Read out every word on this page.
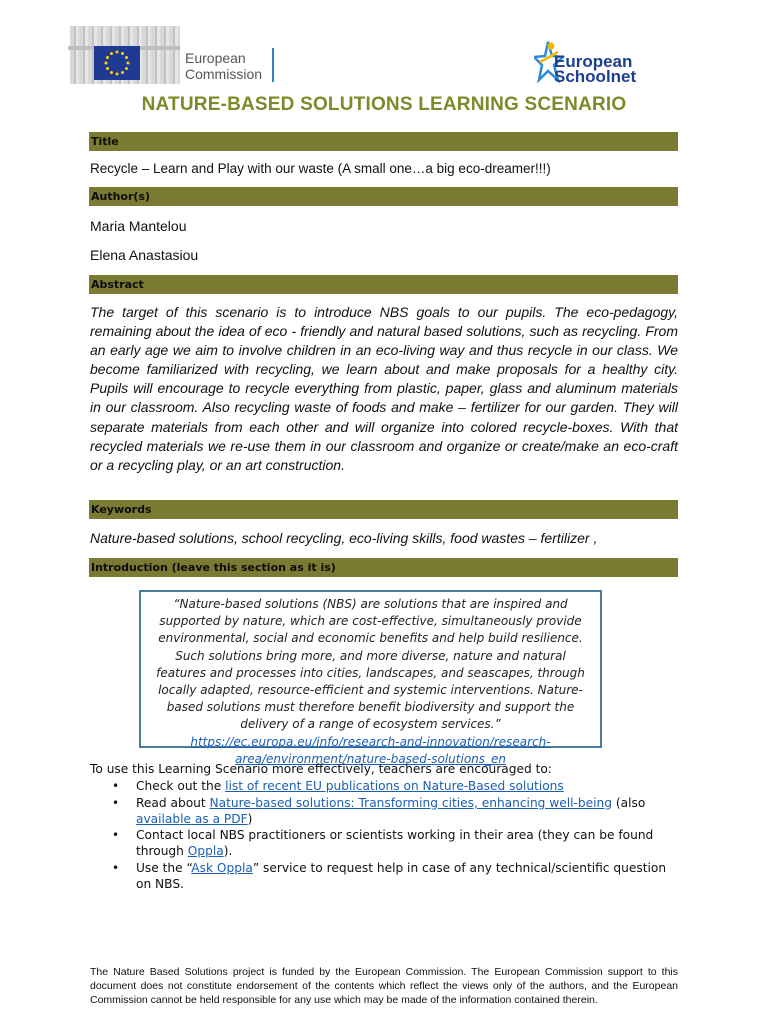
European
Commission
European
Schoolnet
NATURE-BASED SOLUTIONS LEARNING SCENARIO
Title
Recycle – Learn and Play with our waste (A small one…a big eco-dreamer!!!)
Author(s)
Maria Mantelou
Elena Anastasiou
Abstract
The target of this scenario is to introduce NBS goals to our pupils. The eco-pedagogy, remaining about the idea of eco - friendly and natural based solutions, such as recycling. From an early age we aim to involve children in an eco-living way and thus recycle in our class. We become familiarized with recycling, we learn about and make proposals for a healthy city. Pupils will encourage to recycle everything from plastic, paper, glass and aluminum materials in our classroom. Also recycling waste of foods and make – fertilizer for our garden. They will separate materials from each other and will organize into colored recycle-boxes. With that recycled materials we re-use them in our classroom and organize or create/make an eco-craft or a recycling play, or an art construction.
Keywords
Nature-based solutions, school recycling, eco-living skills, food wastes – fertilizer ,
Introduction (leave this section as it is)
“Nature-based solutions (NBS) are solutions that are inspired and supported by nature, which are cost-effective, simultaneously provide environmental, social and economic benefits and help build resilience. Such solutions bring more, and more diverse, nature and natural features and processes into cities, landscapes, and seascapes, through locally adapted, resource-efficient and systemic interventions. Nature-based solutions must therefore benefit biodiversity and support the delivery of a range of ecosystem services.” https://ec.europa.eu/info/research-and-innovation/research-area/environment/nature-based-solutions_en
To use this Learning Scenario more effectively, teachers are encouraged to:
• Check out the list of recent EU publications on Nature-Based solutions
• Read about Nature-based solutions: Transforming cities, enhancing well-being (also available as a PDF)
• Contact local NBS practitioners or scientists working in their area (they can be found through Oppla).
• Use the “Ask Oppla” service to request help in case of any technical/scientific question on NBS.
The Nature Based Solutions project is funded by the European Commission. The European Commission support to this document does not constitute endorsement of the contents which reflect the views only of the authors, and the European Commission cannot be held responsible for any use which may be made of the information contained therein.
